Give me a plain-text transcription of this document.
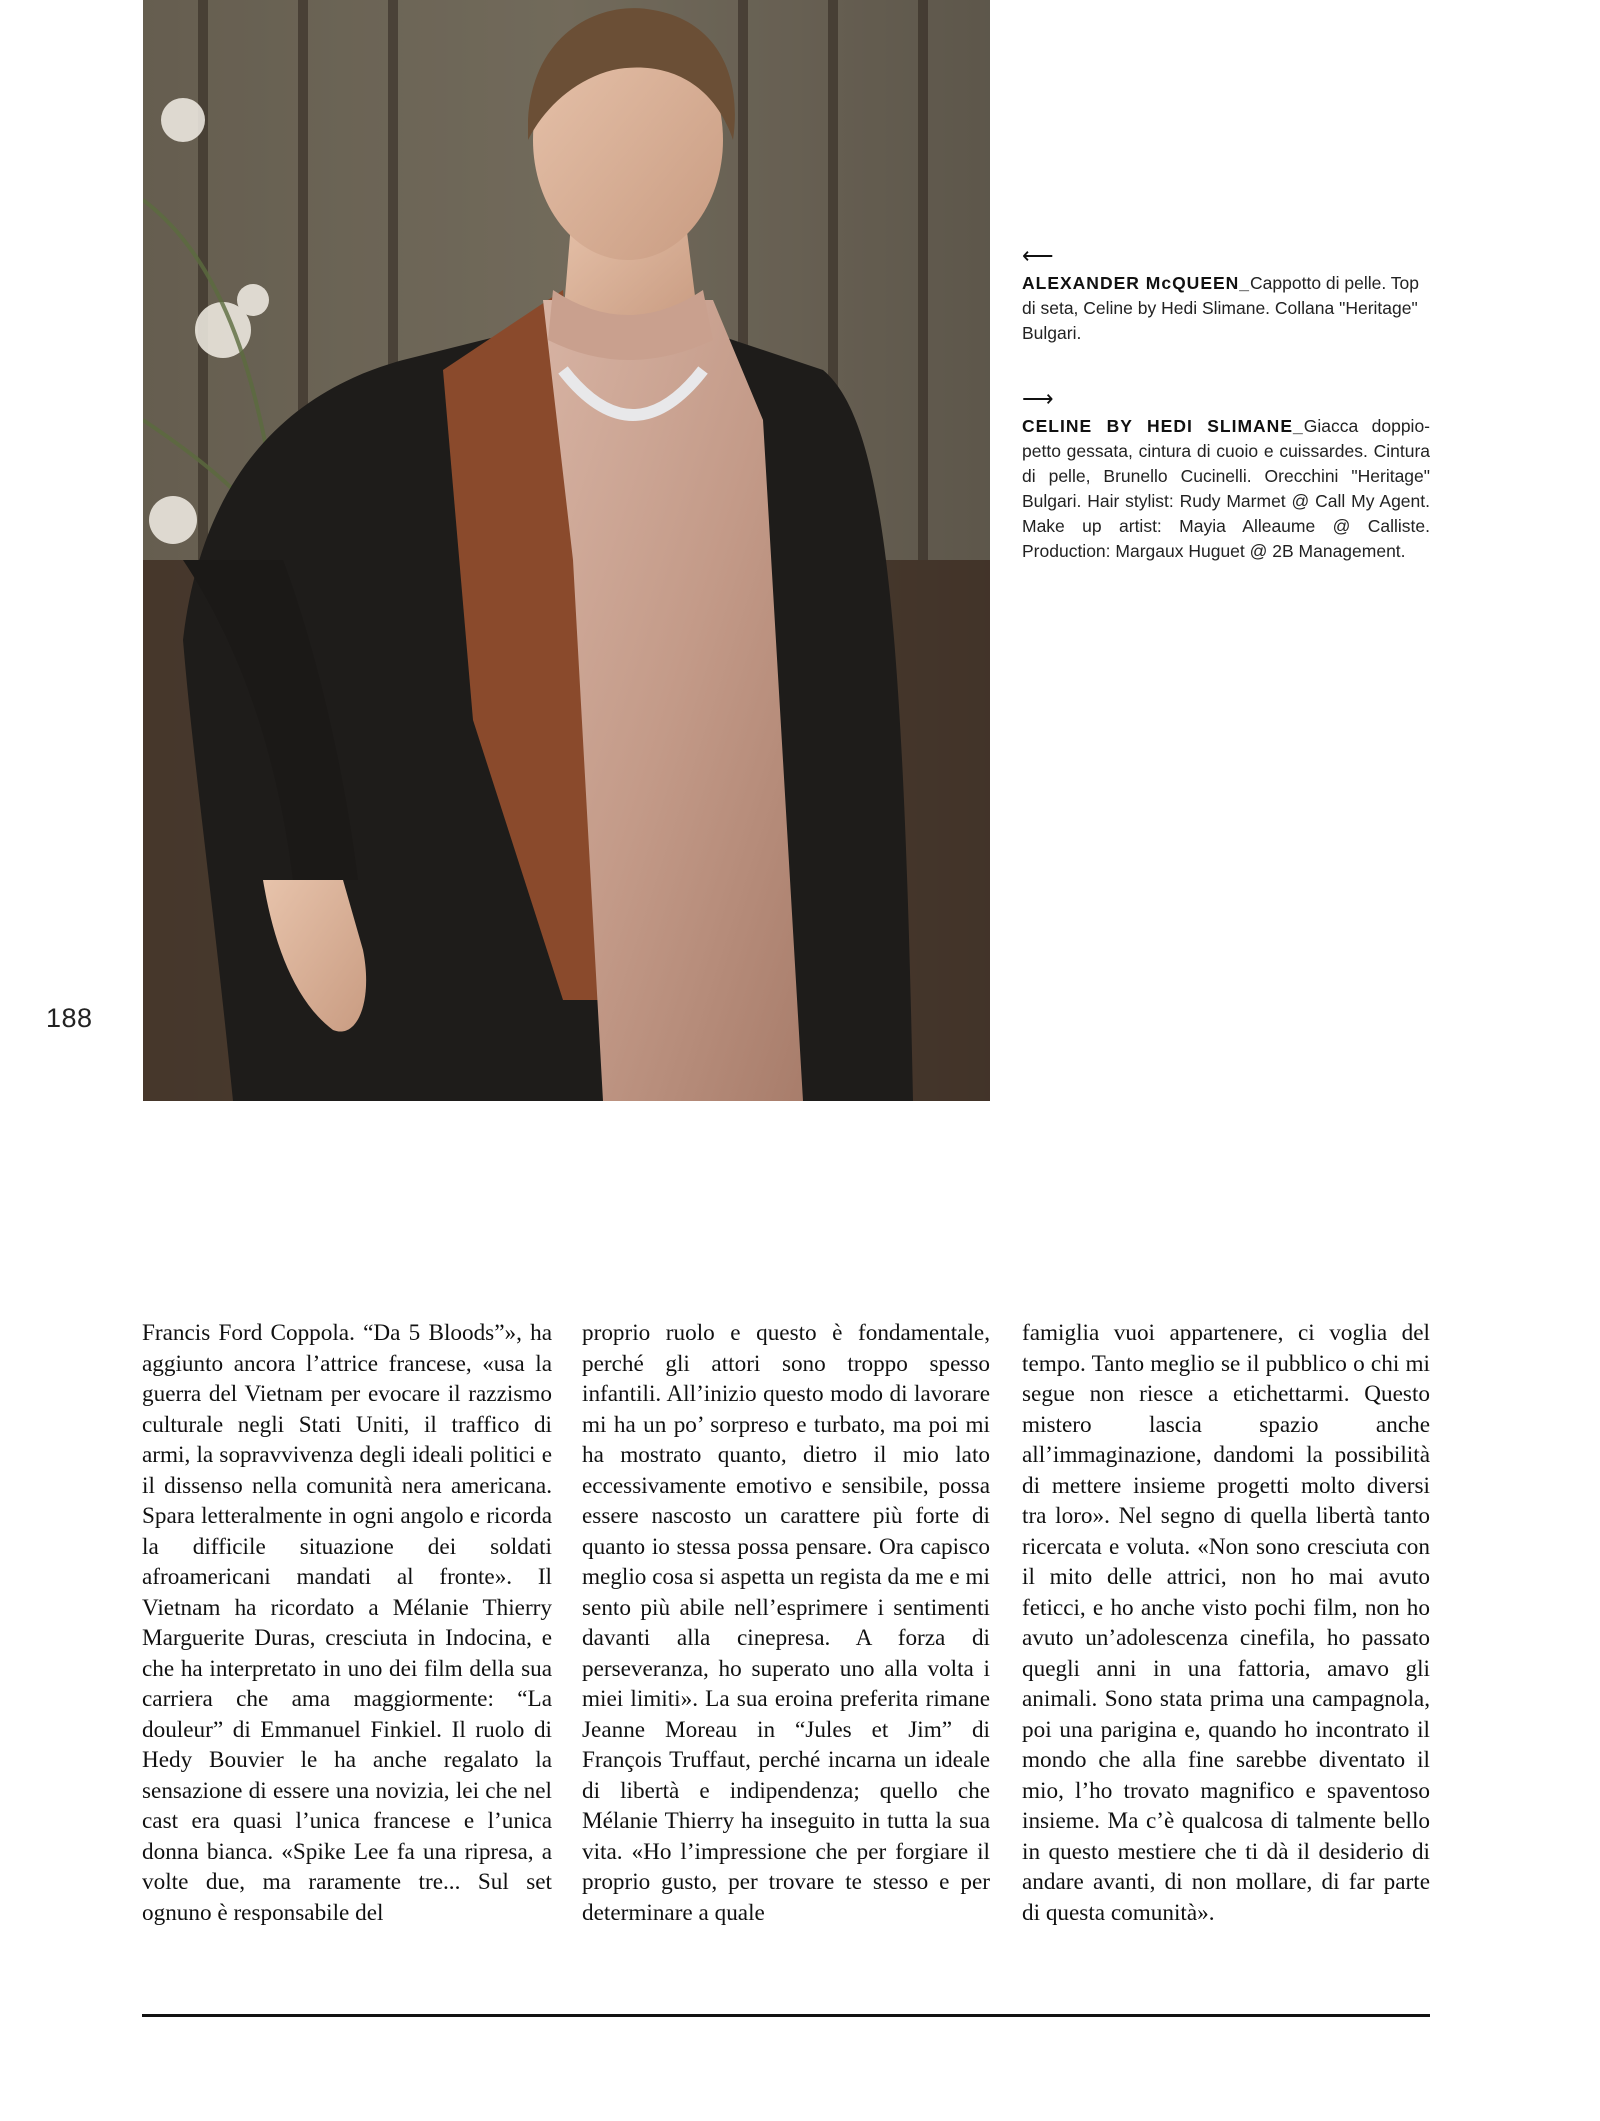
188
⟵
ALEXANDER McQUEEN_Cappotto di pelle. Top di seta, Celine by Hedi Slimane. Collana "Heritage" Bulgari.
⟶
CELINE BY HEDI SLIMANE_Giacca doppio-petto gessata, cintura di cuoio e cuissardes. Cintura di pelle, Brunello Cucinelli. Orecchini "Heritage" Bulgari. Hair stylist: Rudy Marmet @ Call My Agent. Make up artist: Mayia Alleaume @ Calliste. Production: Margaux Huguet @ 2B Management.
Francis Ford Coppola. “Da 5 Bloods”», ha aggiunto ancora l’attrice francese, «usa la guerra del Vietnam per evocare il razzismo culturale negli Stati Uniti, il traffico di armi, la sopravvivenza degli ideali politici e il dissenso nella comunità nera americana. Spara letteralmente in ogni angolo e ricorda la difficile situazione dei soldati afroamericani mandati al fronte». Il Vietnam ha ricordato a Mélanie Thierry Marguerite Duras, cresciuta in Indocina, e che ha interpretato in uno dei film della sua carriera che ama maggiormente: “La douleur” di Emmanuel Finkiel. Il ruolo di Hedy Bouvier le ha anche regalato la sensazione di essere una novizia, lei che nel cast era quasi l’unica francese e l’unica donna bianca. «Spike Lee fa una ripresa, a volte due, ma raramente tre... Sul set ognuno è responsabile del
proprio ruolo e questo è fondamentale, perché gli attori sono troppo spesso infantili. All’inizio questo modo di lavorare mi ha un po’ sorpreso e turbato, ma poi mi ha mostrato quanto, dietro il mio lato eccessivamente emotivo e sensibile, possa essere nascosto un carattere più forte di quanto io stessa possa pensare. Ora capisco meglio cosa si aspetta un regista da me e mi sento più abile nell’esprimere i sentimenti davanti alla cinepresa. A forza di perseveranza, ho superato uno alla volta i miei limiti». La sua eroina preferita rimane Jeanne Moreau in “Jules et Jim” di François Truffaut, perché incarna un ideale di libertà e indipendenza; quello che Mélanie Thierry ha inseguito in tutta la sua vita. «Ho l’impressione che per forgiare il proprio gusto, per trovare te stesso e per determinare a quale
famiglia vuoi appartenere, ci voglia del tempo. Tanto meglio se il pubblico o chi mi segue non riesce a etichettarmi. Questo mistero lascia spazio anche all’immaginazione, dandomi la possibilità di mettere insieme progetti molto diversi tra loro». Nel segno di quella libertà tanto ricercata e voluta. «Non sono cresciuta con il mito delle attrici, non ho mai avuto feticci, e ho anche visto pochi film, non ho avuto un’adolescenza cinefila, ho passato quegli anni in una fattoria, amavo gli animali. Sono stata prima una campagnola, poi una parigina e, quando ho incontrato il mondo che alla fine sarebbe diventato il mio, l’ho trovato magnifico e spaventoso insieme. Ma c’è qualcosa di talmente bello in questo mestiere che ti dà il desiderio di andare avanti, di non mollare, di far parte di questa comunità».
